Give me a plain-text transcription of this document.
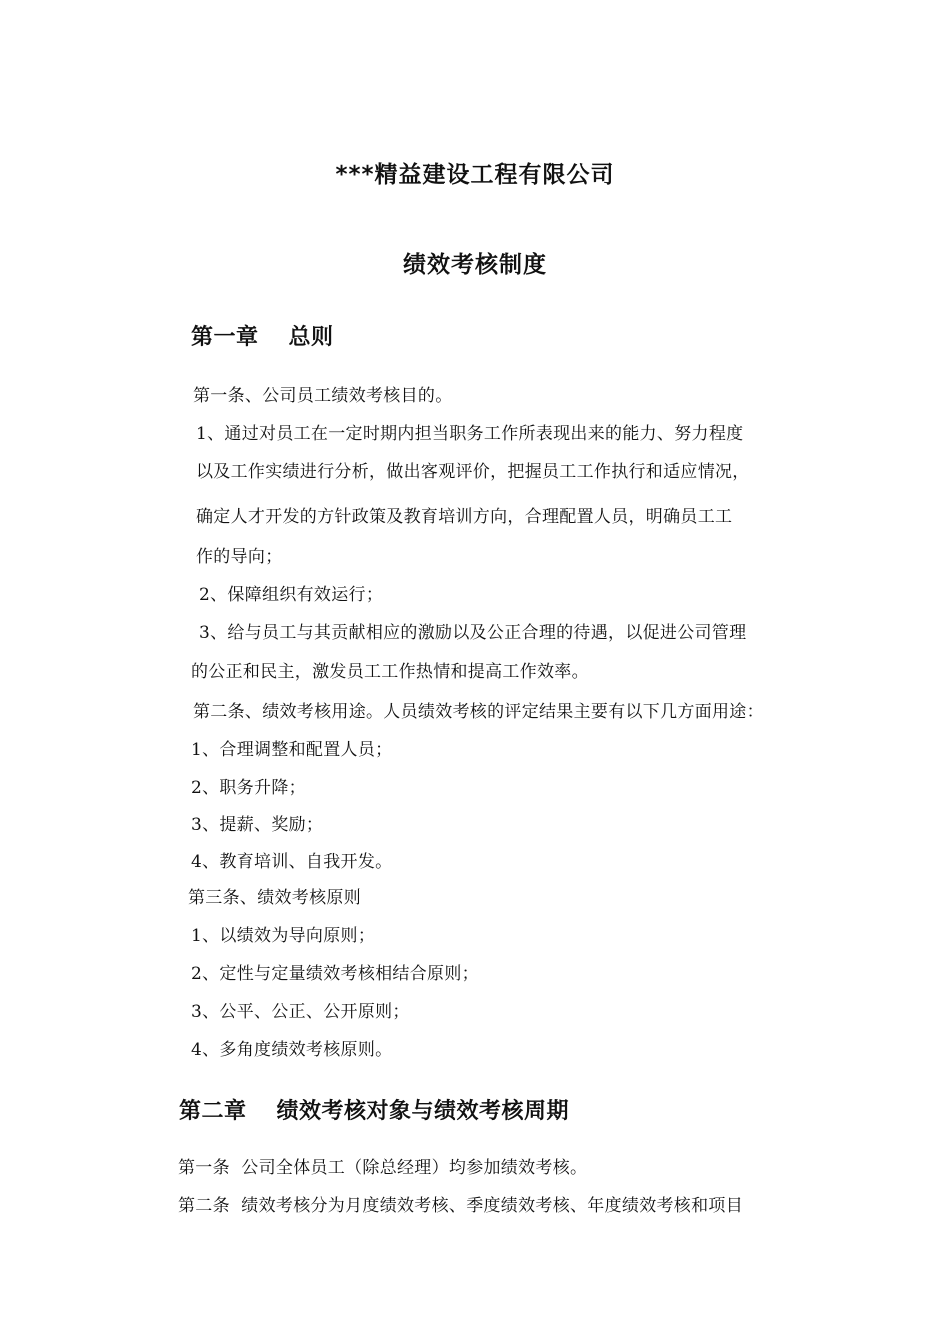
***精益建设工程有限公司
绩效考核制度
第一章 总则
第一条、公司员工绩效考核目的。
1、通过对员工在一定时期内担当职务工作所表现出来的能力、努力程度
以及工作实绩进行分析，做出客观评价，把握员工工作执行和适应情况，
确定人才开发的方针政策及教育培训方向，合理配置人员，明确员工工
作的导向；
2、保障组织有效运行；
3、给与员工与其贡献相应的激励以及公正合理的待遇，以促进公司管理
的公正和民主，激发员工工作热情和提高工作效率。
第二条、绩效考核用途。人员绩效考核的评定结果主要有以下几方面用途：
1、合理调整和配置人员；
2、职务升降；
3、提薪、奖励；
4、教育培训、自我开发。
第三条、绩效考核原则
1、以绩效为导向原则；
2、定性与定量绩效考核相结合原则；
3、公平、公正、公开原则；
4、多角度绩效考核原则。
第二章 绩效考核对象与绩效考核周期
第一条  公司全体员工（除总经理）均参加绩效考核。
第二条  绩效考核分为月度绩效考核、季度绩效考核、年度绩效考核和项目
